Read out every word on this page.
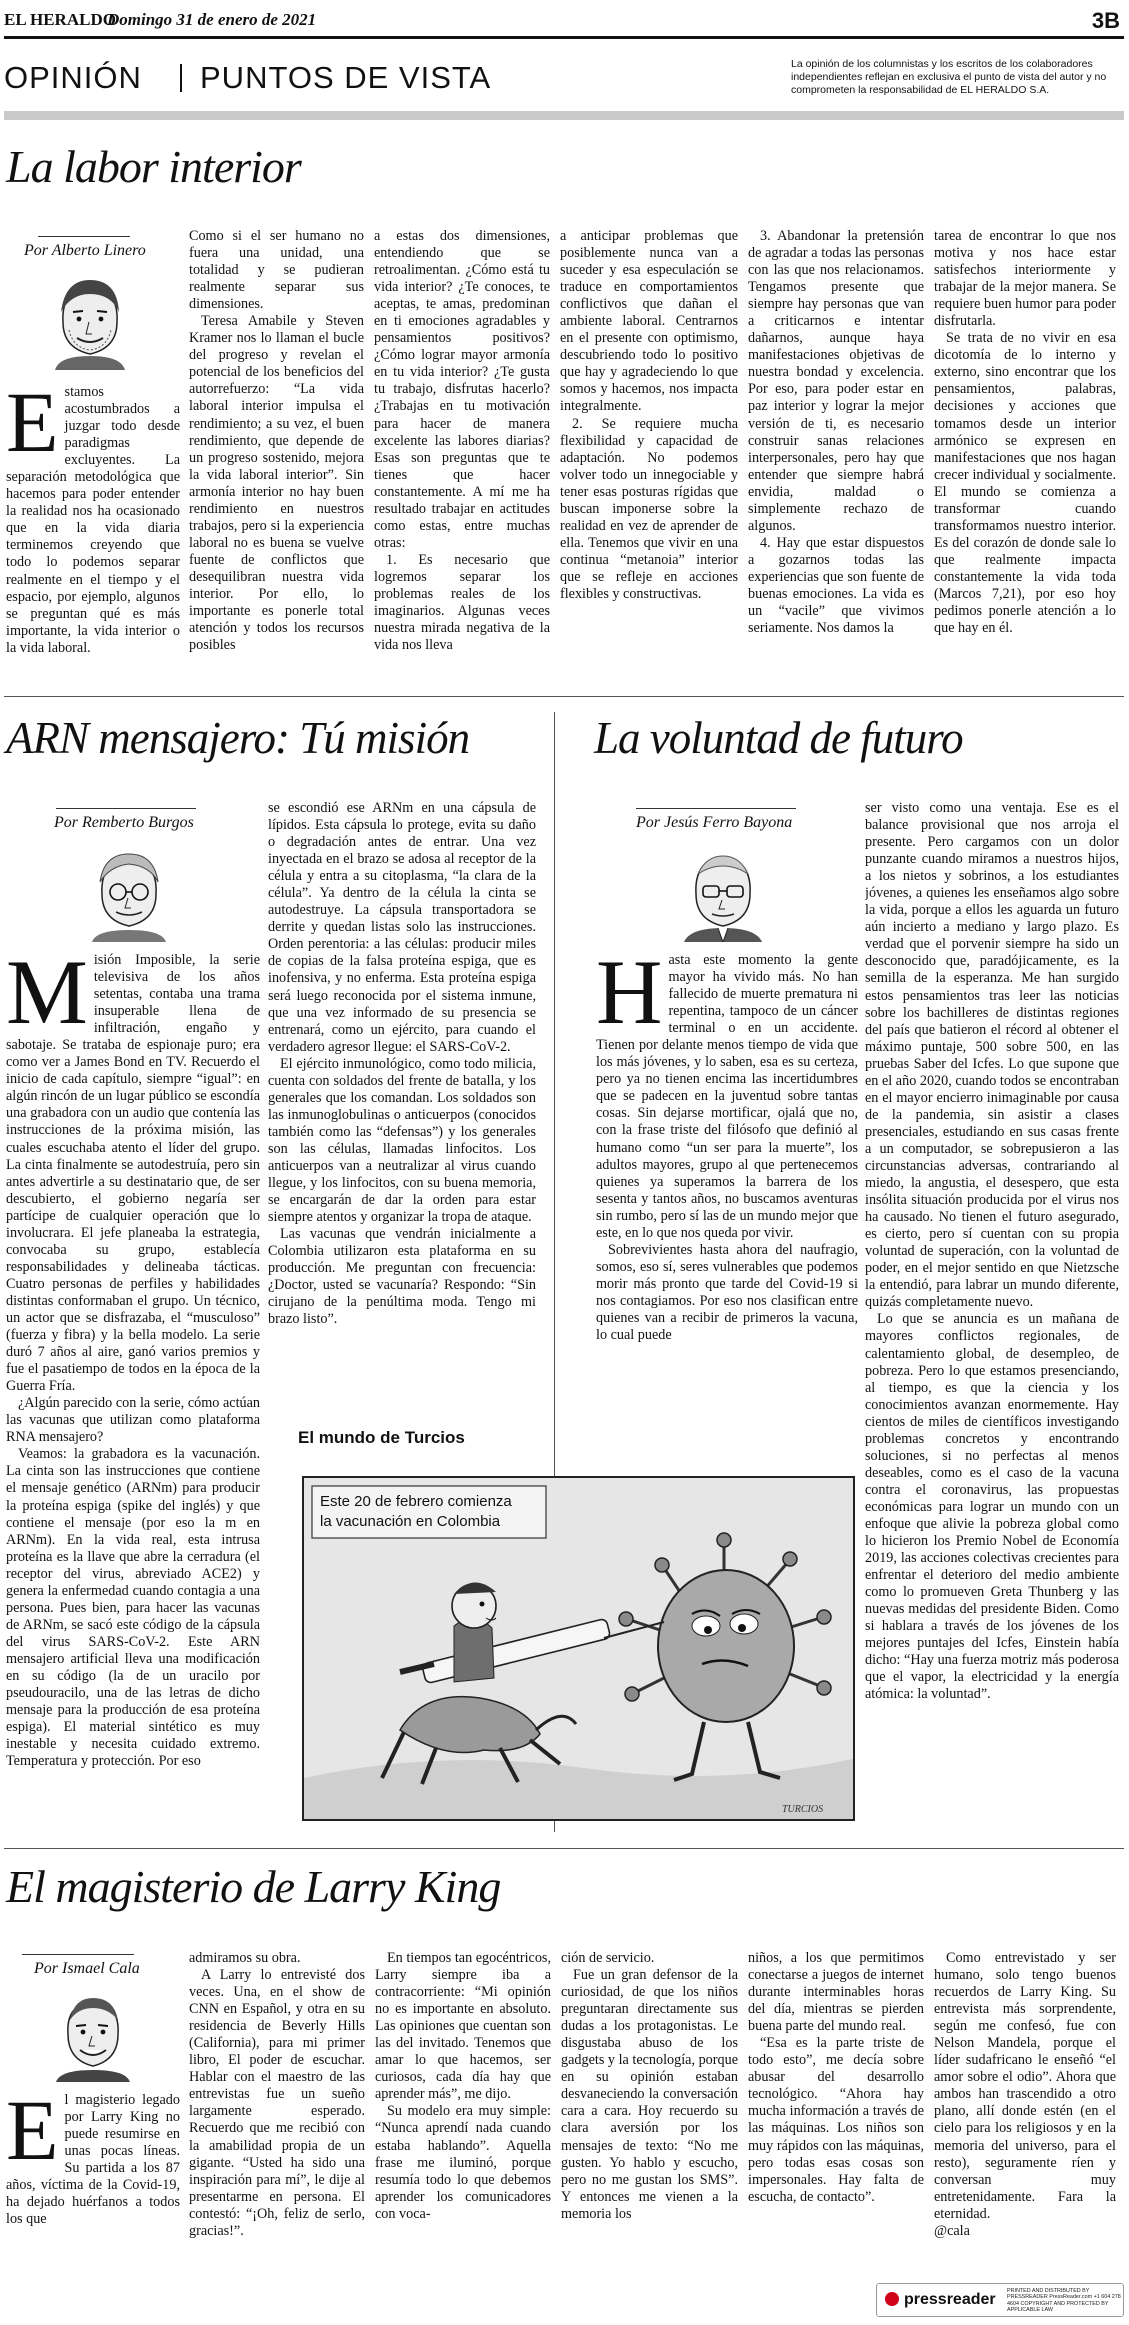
EL HERALDO
Domingo 31 de enero de 2021	3B
OPINIÓN PUNTOS DE VISTA	La opinión de los columnistas y los escritos de los colaboradores independientes reflejan en exclusiva el punto de vista del autor y no comprometen la responsabilidad de EL HERALDO S.A.
La labor interior
Por Alberto Linero
E stamos acostumbrados a juzgar todo desde paradigmas excluyentes. La separación metodológica que hacemos para poder entender la realidad nos ha ocasionado que en la vida diaria terminemos creyendo que todo lo podemos separar realmente en el tiempo y el espacio, por ejemplo, algunos se preguntan qué es más importante, la vida interior o la vida laboral.

Como si el ser humano no fuera una unidad, una totalidad y se pudieran realmente separar sus dimensiones.

Teresa Amabile y Steven Kramer nos lo llaman el bucle del progreso y revelan el potencial de los beneficios del autorrefuerzo: “La vida laboral interior impulsa el rendimiento; a su vez, el buen rendimiento, que depende de un progreso sostenido, mejora la vida laboral interior”. Sin armonía interior no hay buen rendimiento en nuestros trabajos, pero si la experiencia laboral no es buena se vuelve fuente de conflictos que desequilibran nuestra vida interior. Por ello, lo importante es ponerle total atención y todos los recursos posibles

a estas dos dimensiones, entendiendo que se retroalimentan. ¿Cómo está tu vida interior? ¿Te conoces, te aceptas, te amas, predominan en ti emociones agradables y pensamientos positivos? ¿Cómo lograr mayor armonía en tu vida interior? ¿Te gusta tu trabajo, disfrutas hacerlo? ¿Trabajas en tu motivación para hacer de manera excelente las labores diarias? Esas son preguntas que te tienes que hacer constantemente. A mí me ha resultado trabajar en actitudes como estas, entre muchas otras:

1. Es necesario que logremos separar los problemas reales de los imaginarios. Algunas veces nuestra mirada negativa de la vida nos lleva

a anticipar problemas que posiblemente nunca van a suceder y esa especulación se traduce en comportamientos conflictivos que dañan el ambiente laboral. Centrarnos en el presente con optimismo, descubriendo todo lo positivo que hay y agradeciendo lo que somos y hacemos, nos impacta integralmente.

2. Se requiere mucha flexibilidad y capacidad de adaptación. No podemos volver todo un innegociable y tener esas posturas rígidas que buscan imponerse sobre la realidad en vez de aprender de ella. Tenemos que vivir en una continua “metanoia” interior que se refleje en acciones flexibles y constructivas.

3. Abandonar la pretensión de agradar a todas las personas con las que nos relacionamos. Tengamos presente que siempre hay personas que van a criticarnos e intentar dañarnos, aunque haya manifestaciones objetivas de nuestra bondad y excelencia. Por eso, para poder estar en paz interior y lograr la mejor versión de ti, es necesario construir sanas relaciones interpersonales, pero hay que entender que siempre habrá envidia, maldad o simplemente rechazo de algunos.

4. Hay que estar dispuestos a gozarnos todas las experiencias que son fuente de buenas emociones. La vida es un “vacile” que vivimos seriamente. Nos damos la

tarea de encontrar lo que nos motiva y nos hace estar satisfechos interiormente y trabajar de la mejor manera. Se requiere buen humor para poder disfrutarla.

Se trata de no vivir en esa dicotomía de lo interno y externo, sino encontrar que los pensamientos, palabras, decisiones y acciones que tomamos desde un interior armónico se expresen en manifestaciones que nos hagan crecer individual y socialmente. El mundo se comienza a transformar cuando transformamos nuestro interior. Es del corazón de donde sale lo que realmente impacta constantemente la vida toda (Marcos 7,21), por eso hoy pedimos ponerle atención a lo que hay en él.

ARN mensajero: Tú misión
Por Remberto Burgos
M isión Imposible, la serie televisiva de los años setentas, contaba una trama insuperable llena de infiltración, engaño y sabotaje. Se trataba de espionaje puro; era como ver a James Bond en TV. Recuerdo el inicio de cada capítulo, siempre “igual”: en algún rincón de un lugar público se escondía una grabadora con un audio que contenía las instrucciones de la próxima misión, las cuales escuchaba atento el líder del grupo. La cinta finalmente se autodestruía, pero sin antes advertirle a su destinatario que, de ser descubierto, el gobierno negaría ser partícipe de cualquier operación que lo involucrara. El jefe planeaba la estrategia, convocaba su grupo, establecía responsabilidades y delineaba tácticas. Cuatro personas de perfiles y habilidades distintas conformaban el grupo. Un técnico, un actor que se disfrazaba, el “musculoso” (fuerza y fibra) y la bella modelo. La serie duró 7 años al aire, ganó varios premios y fue el pasatiempo de todos en la época de la Guerra Fría.

¿Algún parecido con la serie, cómo actúan las vacunas que utilizan como plataforma RNA mensajero?

Veamos: la grabadora es la vacunación. La cinta son las instrucciones que contiene el mensaje genético (ARNm) para producir la proteína espiga (spike del inglés) y que contiene el mensaje (por eso la m en ARNm). En la vida real, esta intrusa proteína es la llave que abre la cerradura (el receptor del virus, abreviado ACE2) y genera la enfermedad cuando contagia a una persona. Pues bien, para hacer las vacunas de ARNm, se sacó este código de la cápsula del virus SARS-CoV-2. Este ARN mensajero artificial lleva una modificación en su código (la de un uracilo por pseudouracilo, una de las letras de dicho mensaje para la producción de esa proteína espiga). El material sintético es muy inestable y necesita cuidado extremo. Temperatura y protección. Por eso

se escondió ese ARNm en una cápsula de lípidos. Esta cápsula lo protege, evita su daño o degradación antes de entrar. Una vez inyectada en el brazo se adosa al receptor de la célula y entra a su citoplasma, “la clara de la célula”. Ya dentro de la célula la cinta se autodestruye. La cápsula transportadora se derrite y quedan listas solo las instrucciones. Orden perentoria: a las células: producir miles de copias de la falsa proteína espiga, que es inofensiva, y no enferma. Esta proteína espiga será luego reconocida por el sistema inmune, que una vez informado de su presencia se entrenará, como un ejército, para cuando el verdadero agresor llegue: el SARS-CoV-2.

El ejército inmunológico, como todo milicia, cuenta con soldados del frente de batalla, y los generales que los comandan. Los soldados son las inmunoglobulinas o anticuerpos (conocidos también como las “defensas”) y los generales son las células, llamadas linfocitos. Los anticuerpos van a neutralizar al virus cuando llegue, y los linfocitos, con su buena memoria, se encargarán de dar la orden para estar siempre atentos y organizar la tropa de ataque.

Las vacunas que vendrán inicialmente a Colombia utilizaron esta plataforma en su producción. Me preguntan con frecuencia: ¿Doctor, usted se vacunaría? Respondo: “Sin cirujano de la penúltima moda. Tengo mi brazo listo”.

La voluntad de futuro
Por Jesús Ferro Bayona
H asta este momento la gente mayor ha vivido más. No han fallecido de muerte prematura ni repentina, tampoco de un cáncer terminal o en un accidente. Tienen por delante menos tiempo de vida que los más jóvenes, y lo saben, esa es su certeza, pero ya no tienen encima las incertidumbres que se padecen en la juventud sobre tantas cosas. Sin dejarse mortificar, ojalá que no, con la frase triste del filósofo que definió al humano como “un ser para la muerte”, los adultos mayores, grupo al que pertenecemos quienes ya superamos la barrera de los sesenta y tantos años, no buscamos aventuras sin rumbo, pero sí las de un mundo mejor que este, en lo que nos queda por vivir.

Sobrevivientes hasta ahora del naufragio, somos, eso sí, seres vulnerables que podemos morir más pronto que tarde del Covid-19 si nos contagiamos. Por eso nos clasifican entre quienes van a recibir de primeros la vacuna, lo cual puede

ser visto como una ventaja. Ese es el balance provisional que nos arroja el presente. Pero cargamos con un dolor punzante cuando miramos a nuestros hijos, a los nietos y sobrinos, a los estudiantes jóvenes, a quienes les enseñamos algo sobre la vida, porque a ellos les aguarda un futuro aún incierto a mediano y largo plazo. Es verdad que el porvenir siempre ha sido un desconocido que, paradójicamente, es la semilla de la esperanza. Me han surgido estos pensamientos tras leer las noticias sobre los bachilleres de distintas regiones del país que batieron el récord al obtener el máximo puntaje, 500 sobre 500, en las pruebas Saber del Icfes. Lo que supone que en el año 2020, cuando todos se encontraban en el mayor encierro inimaginable por causa de la pandemia, sin asistir a clases presenciales, estudiando en sus casas frente a un computador, se sobrepusieron a las circunstancias adversas, contrariando al miedo, la angustia, el desespero, que esta insólita situación producida por el virus nos ha causado. No tienen el futuro asegurado, es cierto, pero sí cuentan con su propia voluntad de superación, con la voluntad de poder, en el mejor sentido en que Nietzsche la entendió, para labrar un mundo diferente, quizás completamente nuevo.

Lo que se anuncia es un mañana de mayores conflictos regionales, de calentamiento global, de desempleo, de pobreza. Pero lo que estamos presenciando, al tiempo, es que la ciencia y los conocimientos avanzan enormemente. Hay cientos de miles de científicos investigando problemas concretos y encontrando soluciones, si no perfectas al menos deseables, como es el caso de la vacuna contra el coronavirus, las propuestas económicas para lograr un mundo con un enfoque que alivie la pobreza global como lo hicieron los Premio Nobel de Economía 2019, las acciones colectivas crecientes para enfrentar el deterioro del medio ambiente como lo promueven Greta Thunberg y las nuevas medidas del presidente Biden. Como si hablara a través de los jóvenes de los mejores puntajes del Icfes, Einstein había dicho: “Hay una fuerza motriz más poderosa que el vapor, la electricidad y la energía atómica: la voluntad”.

El mundo de Turcios
Este 20 de febrero comienza
la vacunación en Colombia
TURCIOS
El magisterio de Larry King
Por Ismael Cala
E l magisterio legado por Larry King no puede resumirse en unas pocas líneas. Su partida a los 87 años, víctima de la Covid-19, ha dejado huérfanos a todos los que

admiramos su obra.

A Larry lo entrevisté dos veces. Una, en el show de CNN en Español, y otra en su residencia de Beverly Hills (California), para mi primer libro, El poder de escuchar. Hablar con el maestro de las entrevistas fue un sueño largamente esperado. Recuerdo que me recibió con la amabilidad propia de un gigante. “Usted ha sido una inspiración para mí”, le dije al presentarme en persona. El contestó: “¡Oh, feliz de serlo, gracias!”.

En tiempos tan egocéntricos, Larry siempre iba a contracorriente: “Mi opinión no es importante en absoluto. Las opiniones que cuentan son las del invitado. Tenemos que amar lo que hacemos, ser curiosos, cada día hay que aprender más”, me dijo.

Su modelo era muy simple: “Nunca aprendí nada cuando estaba hablando”. Aquella frase me iluminó, porque resumía todo lo que debemos aprender los comunicadores con voca-

ción de servicio.

Fue un gran defensor de la curiosidad, de que los niños preguntaran directamente sus dudas a los protagonistas. Le disgustaba abuso de los gadgets y la tecnología, porque en su opinión estaban desvaneciendo la conversación cara a cara. Hoy recuerdo su clara aversión por los mensajes de texto: “No me gusten. Yo hablo y escucho, pero no me gustan los SMS”. Y entonces me vienen a la memoria los

niños, a los que permitimos conectarse a juegos de internet durante interminables horas del día, mientras se pierden buena parte del mundo real.

“Esa es la parte triste de todo esto”, me decía sobre abusar del desarrollo tecnológico. “Ahora hay mucha información a través de las máquinas. Los niños son muy rápidos con las máquinas, pero todas esas cosas son impersonales. Hay falta de escucha, de contacto”.

Como entrevistado y ser humano, solo tengo buenos recuerdos de Larry King. Su entrevista más sorprendente, según me confesó, fue con Nelson Mandela, porque el líder sudafricano le enseñó “el amor sobre el odio”. Ahora que ambos han trascendido a otro plano, allí donde estén (en el cielo para los religiosos y en la memoria del universo, para el resto), seguramente ríen y conversan muy entretenidamente. Fara la eternidad.

@cala

pressreader PRINTED AND DISTRIBUTED BY PRESSREADER PressReader.com +1 604 278 4604 COPYRIGHT AND PROTECTED BY APPLICABLE LAW
